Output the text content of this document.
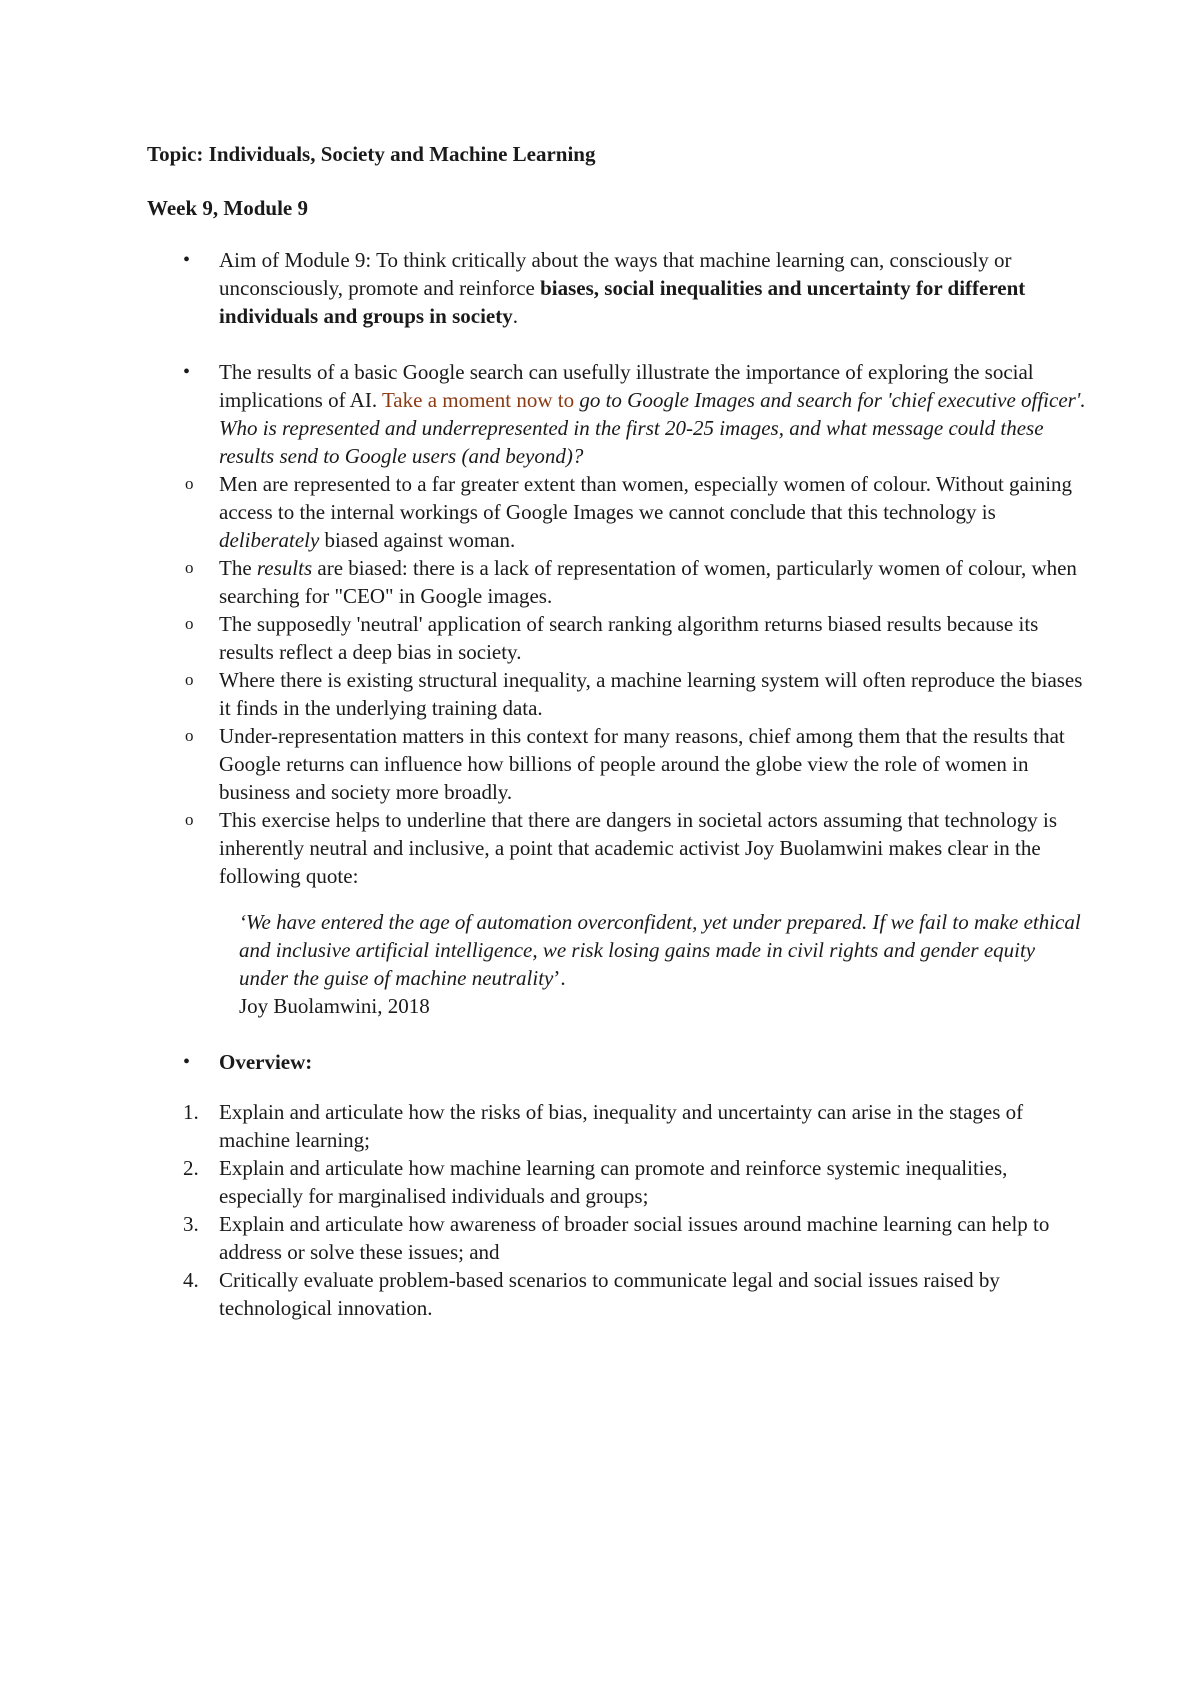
Topic: Individuals, Society and Machine Learning

Week 9, Module 9

• Aim of Module 9: To think critically about the ways that machine learning can, consciously or unconsciously, promote and reinforce biases, social inequalities and uncertainty for different individuals and groups in society.
• The results of a basic Google search can usefully illustrate the importance of exploring the social implications of AI. Take a moment now to go to Google Images and search for 'chief executive officer'. Who is represented and underrepresented in the first 20-25 images, and what message could these results send to Google users (and beyond)?
o Men are represented to a far greater extent than women, especially women of colour. Without gaining access to the internal workings of Google Images we cannot conclude that this technology is deliberately biased against woman.
o The results are biased: there is a lack of representation of women, particularly women of colour, when searching for "CEO" in Google images.
o The supposedly 'neutral' application of search ranking algorithm returns biased results because its results reflect a deep bias in society.
o Where there is existing structural inequality, a machine learning system will often reproduce the biases it finds in the underlying training data.
o Under-representation matters in this context for many reasons, chief among them that the results that Google returns can influence how billions of people around the globe view the role of women in business and society more broadly.
o This exercise helps to underline that there are dangers in societal actors assuming that technology is inherently neutral and inclusive, a point that academic activist Joy Buolamwini makes clear in the following quote:
‘We have entered the age of automation overconfident, yet under prepared. If we fail to make ethical and inclusive artificial intelligence, we risk losing gains made in civil rights and gender equity under the guise of machine neutrality’.
Joy Buolamwini, 2018
• Overview:
1. Explain and articulate how the risks of bias, inequality and uncertainty can arise in the stages of machine learning;
2. Explain and articulate how machine learning can promote and reinforce systemic inequalities, especially for marginalised individuals and groups;
3. Explain and articulate how awareness of broader social issues around machine learning can help to address or solve these issues; and
4. Critically evaluate problem-based scenarios to communicate legal and social issues raised by technological innovation.
